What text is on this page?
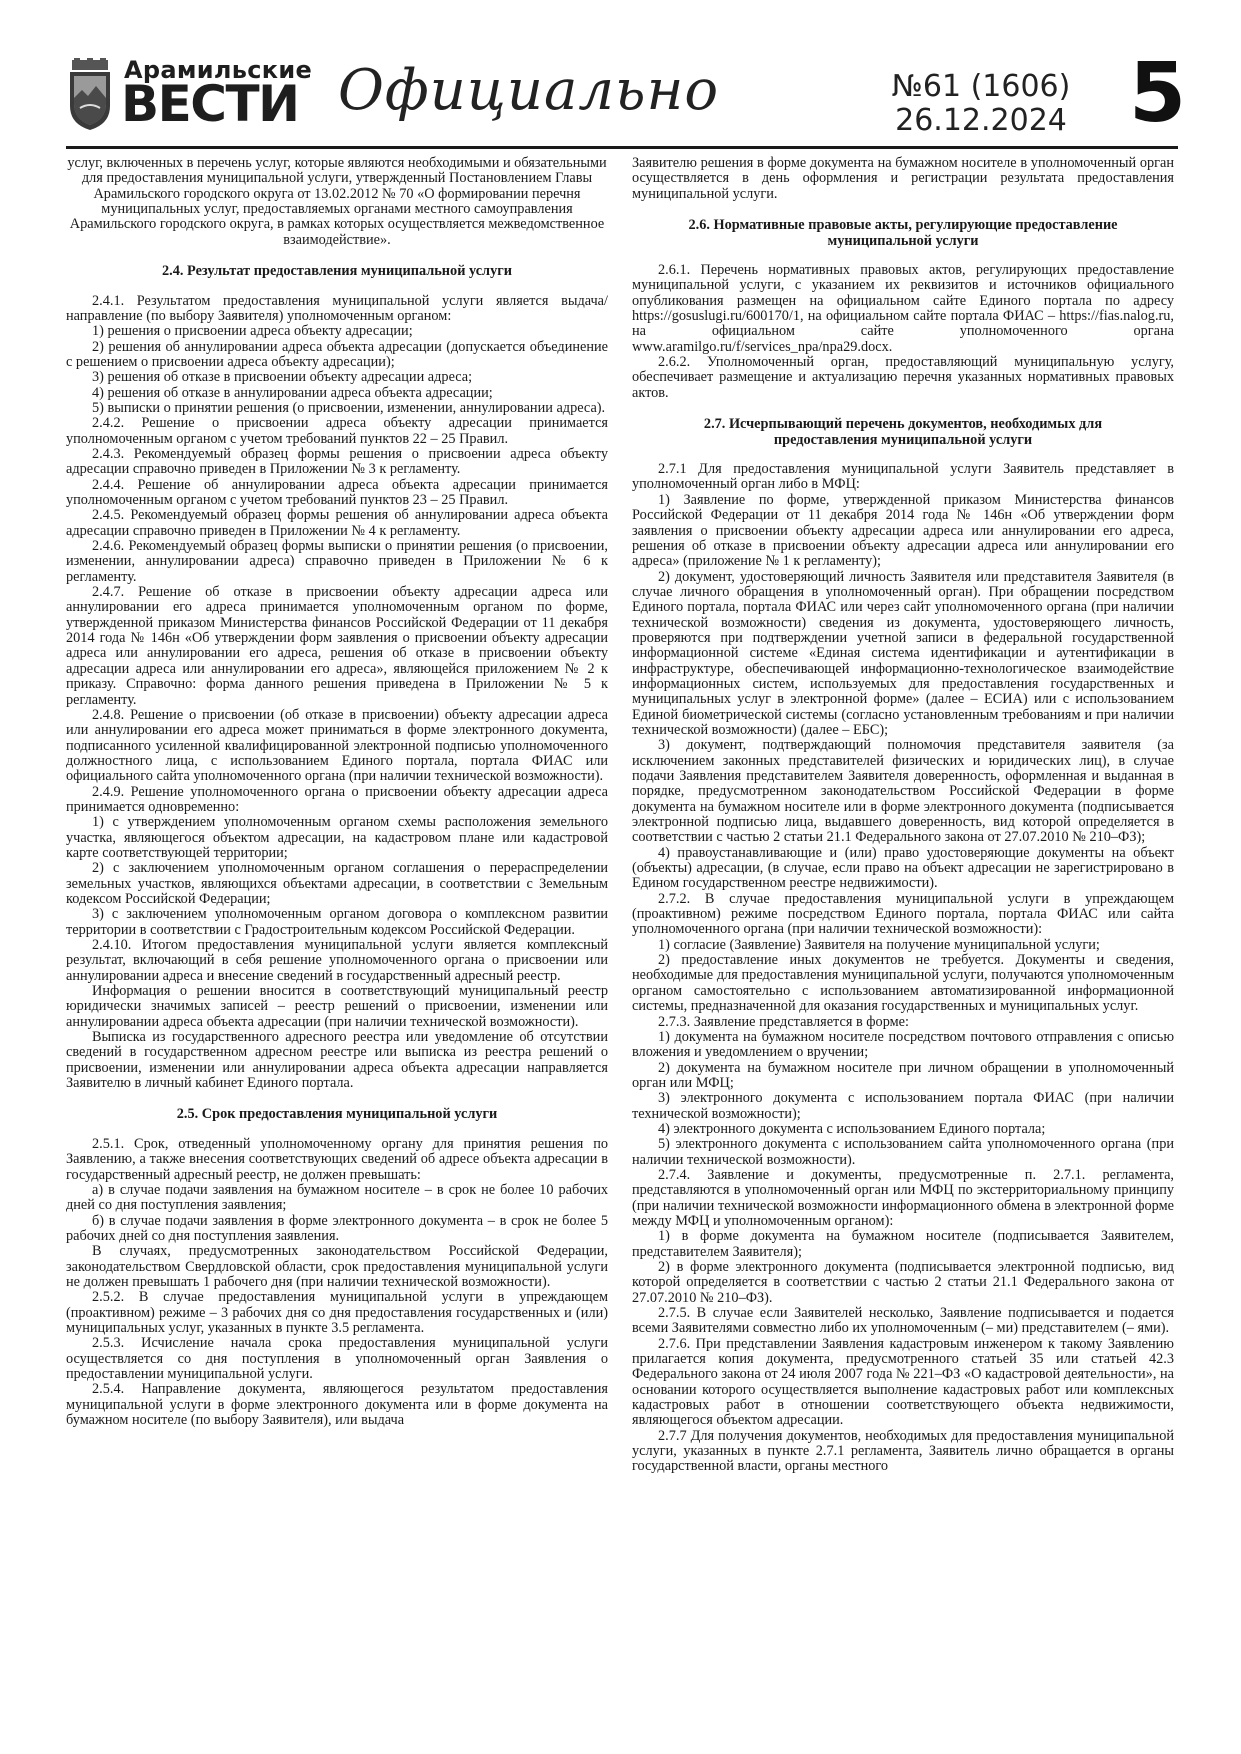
Арамильские
ВЕСТИ Официально	№61 (1606)
26.12.2024 5

услуг, включенных в перечень услуг, которые являются необходимыми и обязательными для предоставления муниципальной услуги, утвержденный Постановлением Главы Арамильского городского округа от 13.02.2012 № 70 «О формировании перечня муниципальных услуг, предоставляемых органами местного самоуправления Арамильского городского округа, в рамках которых осуществляется межведомственное взаимодействие».

2.4. Результат предоставления муниципальной услуги

2.4.1. Результатом предоставления муниципальной услуги является выдача/направление (по выбору Заявителя) уполномоченным органом:

1) решения о присвоении адреса объекту адресации;

2) решения об аннулировании адреса объекта адресации (допускается объединение с решением о присвоении адреса объекту адресации);

3) решения об отказе в присвоении объекту адресации адреса;

4) решения об отказе в аннулировании адреса объекта адресации;

5) выписки о принятии решения (о присвоении, изменении, аннулировании адреса).

2.4.2. Решение о присвоении адреса объекту адресации принимается уполномоченным органом с учетом требований пунктов 22 – 25 Правил.

2.4.3. Рекомендуемый образец формы решения о присвоении адреса объекту адресации справочно приведен в Приложении № 3 к регламенту.

2.4.4. Решение об аннулировании адреса объекта адресации принимается уполномоченным органом с учетом требований пунктов 23 – 25 Правил.

2.4.5. Рекомендуемый образец формы решения об аннулировании адреса объекта адресации справочно приведен в Приложении № 4 к регламенту.

2.4.6. Рекомендуемый образец формы выписки о принятии решения (о присвоении, изменении, аннулировании адреса) справочно приведен в Приложении № 6 к регламенту.

2.4.7. Решение об отказе в присвоении объекту адресации адреса или аннулировании его адреса принимается уполномоченным органом по форме, утвержденной приказом Министерства финансов Российской Федерации от 11 декабря 2014 года № 146н «Об утверждении форм заявления о присвоении объекту адресации адреса или аннулировании его адреса, решения об отказе в присвоении объекту адресации адреса или аннулировании его адреса», являющейся приложением № 2 к приказу. Справочно: форма данного решения приведена в Приложении № 5 к регламенту.

2.4.8. Решение о присвоении (об отказе в присвоении) объекту адресации адреса или аннулировании его адреса может приниматься в форме электронного документа, подписанного усиленной квалифицированной электронной подписью уполномоченного должностного лица, с использованием Единого портала, портала ФИАС или официального сайта уполномоченного органа (при наличии технической возможности).

2.4.9. Решение уполномоченного органа о присвоении объекту адресации адреса принимается одновременно:

1) с утверждением уполномоченным органом схемы расположения земельного участка, являющегося объектом адресации, на кадастровом плане или кадастровой карте соответствующей территории;

2) с заключением уполномоченным органом соглашения о перераспределении земельных участков, являющихся объектами адресации, в соответствии с Земельным кодексом Российской Федерации;

3) с заключением уполномоченным органом договора о комплексном развитии территории в соответствии с Градостроительным кодексом Российской Федерации.

2.4.10. Итогом предоставления муниципальной услуги является комплексный результат, включающий в себя решение уполномоченного органа о присвоении или аннулировании адреса и внесение сведений в государственный адресный реестр.

Информация о решении вносится в соответствующий муниципальный реестр юридически значимых записей – реестр решений о присвоении, изменении или аннулировании адреса объекта адресации (при наличии технической возможности).

Выписка из государственного адресного реестра или уведомление об отсутствии сведений в государственном адресном реестре или выписка из реестра решений о присвоении, изменении или аннулировании адреса объекта адресации направляется Заявителю в личный кабинет Единого портала.

2.5. Срок предоставления муниципальной услуги

2.5.1. Срок, отведенный уполномоченному органу для принятия решения по Заявлению, а также внесения соответствующих сведений об адресе объекта адресации в государственный адресный реестр, не должен превышать:

а) в случае подачи заявления на бумажном носителе – в срок не более 10 рабочих дней со дня поступления заявления;

б) в случае подачи заявления в форме электронного документа – в срок не более 5 рабочих дней со дня поступления заявления.

В случаях, предусмотренных законодательством Российской Федерации, законодательством Свердловской области, срок предоставления муниципальной услуги не должен превышать 1 рабочего дня (при наличии технической возможности).

2.5.2. В случае предоставления муниципальной услуги в упреждающем (проактивном) режиме – 3 рабочих дня со дня предоставления государственных и (или) муниципальных услуг, указанных в пункте 3.5 регламента.

2.5.3. Исчисление начала срока предоставления муниципальной услуги осуществляется со дня поступления в уполномоченный орган Заявления о предоставлении муниципальной услуги.

2.5.4. Направление документа, являющегося результатом предоставления муниципальной услуги в форме электронного документа или в форме документа на бумажном носителе (по выбору Заявителя), или выдача

Заявителю решения в форме документа на бумажном носителе в уполномоченный орган осуществляется в день оформления и регистрации результата предоставления муниципальной услуги.

2.6. Нормативные правовые акты, регулирующие предоставление муниципальной услуги

2.6.1. Перечень нормативных правовых актов, регулирующих предоставление муниципальной услуги, с указанием их реквизитов и источников официального опубликования размещен на официальном сайте Единого портала по адресу https://gosuslugi.ru/600170/1, на официальном сайте портала ФИАС – https://fias.nalog.ru, на официальном сайте уполномоченного органа www.aramilgo.ru/f/services_npa/npa29.docx.

2.6.2. Уполномоченный орган, предоставляющий муниципальную услугу, обеспечивает размещение и актуализацию перечня указанных нормативных правовых актов.

2.7. Исчерпывающий перечень документов, необходимых для предоставления муниципальной услуги

2.7.1 Для предоставления муниципальной услуги Заявитель представляет в уполномоченный орган либо в МФЦ:

1) Заявление по форме, утвержденной приказом Министерства финансов Российской Федерации от 11 декабря 2014 года № 146н «Об утверждении форм заявления о присвоении объекту адресации адреса или аннулировании его адреса, решения об отказе в присвоении объекту адресации адреса или аннулировании его адреса» (приложение № 1 к регламенту);

2) документ, удостоверяющий личность Заявителя или представителя Заявителя (в случае личного обращения в уполномоченный орган). При обращении посредством Единого портала, портала ФИАС или через сайт уполномоченного органа (при наличии технической возможности) сведения из документа, удостоверяющего личность, проверяются при подтверждении учетной записи в федеральной государственной информационной системе «Единая система идентификации и аутентификации в инфраструктуре, обеспечивающей информационно-технологическое взаимодействие информационных систем, используемых для предоставления государственных и муниципальных услуг в электронной форме» (далее – ЕСИА) или с использованием Единой биометрической системы (согласно установленным требованиям и при наличии технической возможности) (далее – ЕБС);

3) документ, подтверждающий полномочия представителя заявителя (за исключением законных представителей физических и юридических лиц), в случае подачи Заявления представителем Заявителя доверенность, оформленная и выданная в порядке, предусмотренном законодательством Российской Федерации в форме документа на бумажном носителе или в форме электронного документа (подписывается электронной подписью лица, выдавшего доверенность, вид которой определяется в соответствии с частью 2 статьи 21.1 Федерального закона от 27.07.2010 № 210–ФЗ);

4) правоустанавливающие и (или) право удостоверяющие документы на объект (объекты) адресации, (в случае, если право на объект адресации не зарегистрировано в Едином государственном реестре недвижимости).

2.7.2. В случае предоставления муниципальной услуги в упреждающем (проактивном) режиме посредством Единого портала, портала ФИАС или сайта уполномоченного органа (при наличии технической возможности):

1) согласие (Заявление) Заявителя на получение муниципальной услуги;

2) предоставление иных документов не требуется. Документы и сведения, необходимые для предоставления муниципальной услуги, получаются уполномоченным органом самостоятельно с использованием автоматизированной информационной системы, предназначенной для оказания государственных и муниципальных услуг.

2.7.3. Заявление представляется в форме:

1) документа на бумажном носителе посредством почтового отправления с описью вложения и уведомлением о вручении;

2) документа на бумажном носителе при личном обращении в уполномоченный орган или МФЦ;

3) электронного документа с использованием портала ФИАС (при наличии технической возможности);

4) электронного документа с использованием Единого портала;

5) электронного документа с использованием сайта уполномоченного органа (при наличии технической возможности).

2.7.4. Заявление и документы, предусмотренные п. 2.7.1. регламента, представляются в уполномоченный орган или МФЦ по экстерриториальному принципу (при наличии технической возможности информационного обмена в электронной форме между МФЦ и уполномоченным органом):

1) в форме документа на бумажном носителе (подписывается Заявителем, представителем Заявителя);

2) в форме электронного документа (подписывается электронной подписью, вид которой определяется в соответствии с частью 2 статьи 21.1 Федерального закона от 27.07.2010 № 210–ФЗ).

2.7.5. В случае если Заявителей несколько, Заявление подписывается и подается всеми Заявителями совместно либо их уполномоченным (– ми) представителем (– ями).

2.7.6. При представлении Заявления кадастровым инженером к такому Заявлению прилагается копия документа, предусмотренного статьей 35 или статьей 42.3 Федерального закона от 24 июля 2007 года № 221–ФЗ «О кадастровой деятельности», на основании которого осуществляется выполнение кадастровых работ или комплексных кадастровых работ в отношении соответствующего объекта недвижимости, являющегося объектом адресации.

2.7.7 Для получения документов, необходимых для предоставления муниципальной услуги, указанных в пункте 2.7.1 регламента, Заявитель лично обращается в органы государственной власти, органы местного
